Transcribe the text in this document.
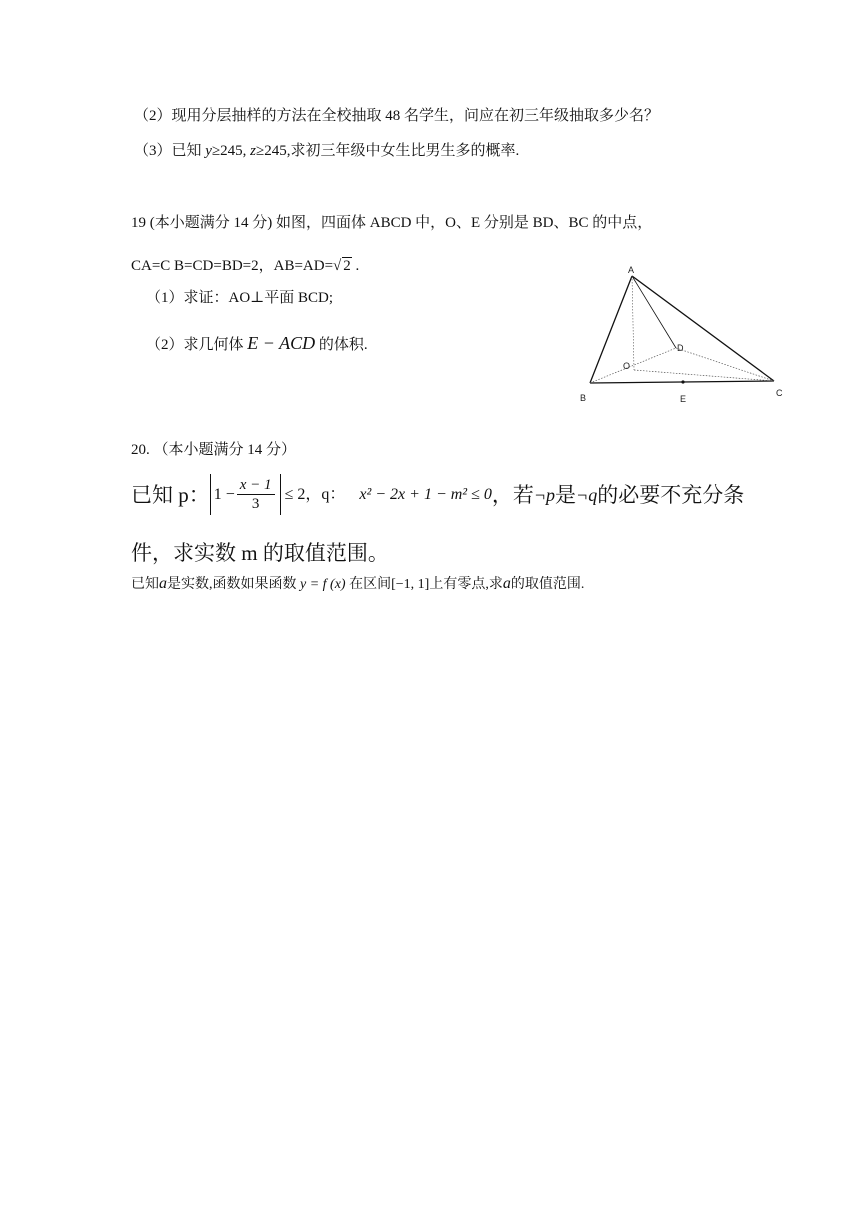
（2）现用分层抽样的方法在全校抽取 48 名学生，问应在初三年级抽取多少名？
（3）已知 y≥245, z≥245,求初三年级中女生比男生多的概率.
19 (本小题满分 14 分) 如图，四面体 ABCD 中，O、E 分别是 BD、BC 的中点，
CA=C B=CD=BD=2，AB=AD=√ 2 .
（1）求证：AO⊥平面 BCD;
（2）求几何体 E − ACD 的体积.
A
B	C
D
O
E
20. （本小题满分 14 分）
已知 p： $1 - \frac{x - 1}{3} \le 2$，q： x² − 2x + 1 − m² ≤ 0 ，若 ¬p 是 ¬q 的必要不充分条
件，求实数 m 的取值范围。
已知a是实数,函数如果函数 y = f (x) 在区间[−1, 1]上有零点,求a的取值范围.
